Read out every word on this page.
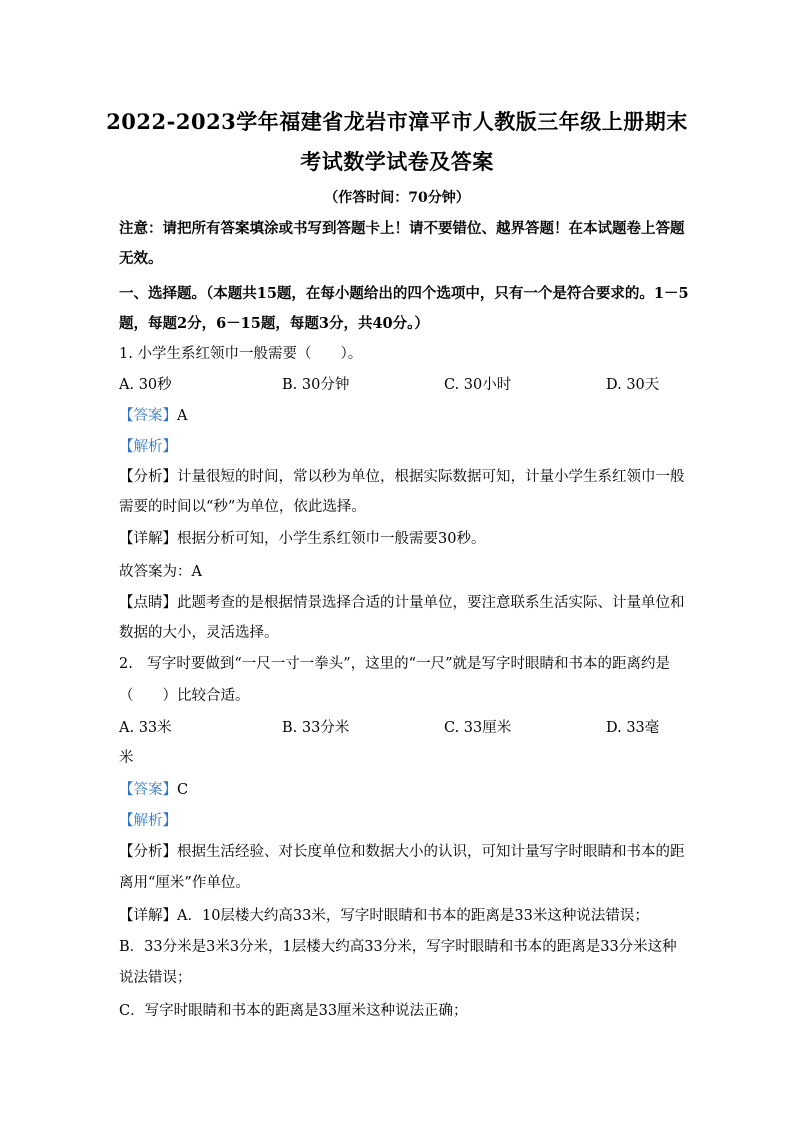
2022-2023学年福建省龙岩市漳平市人教版三年级上册期末
考试数学试卷及答案
（作答时间：70分钟）
注意：请把所有答案填涂或书写到答题卡上！请不要错位、越界答题！在本试题卷上答题
无效。
一、选择题。（本题共15题，在每小题给出的四个选项中，只有一个是符合要求的。1－5
题，每题2分，6－15题，每题3分，共40分。）
1. 小学生系红领巾一般需要（　　）。
A. 30秒	B. 30分钟	C. 30小时	D. 30天
【答案】A
【解析】
【分析】计量很短的时间，常以秒为单位，根据实际数据可知，计量小学生系红领巾一般
需要的时间以“秒”为单位，依此选择。
【详解】根据分析可知，小学生系红领巾一般需要30秒。
故答案为：A
【点睛】此题考查的是根据情景选择合适的计量单位，要注意联系生活实际、计量单位和
数据的大小，灵活选择。
2.　写字时要做到“一尺一寸一拳头”，这里的“一尺”就是写字时眼睛和书本的距离约是
（　　）比较合适。
A. 33米	B. 33分米	C. 33厘米	D. 33毫
米
【答案】C
【解析】
【分析】根据生活经验、对长度单位和数据大小的认识，可知计量写字时眼睛和书本的距
离用“厘米”作单位。
【详解】A．10层楼大约高33米，写字时眼睛和书本的距离是33米这种说法错误；
B．33分米是3米3分米，1层楼大约高33分米，写字时眼睛和书本的距离是33分米这种
说法错误；
C．写字时眼睛和书本的距离是33厘米这种说法正确；
